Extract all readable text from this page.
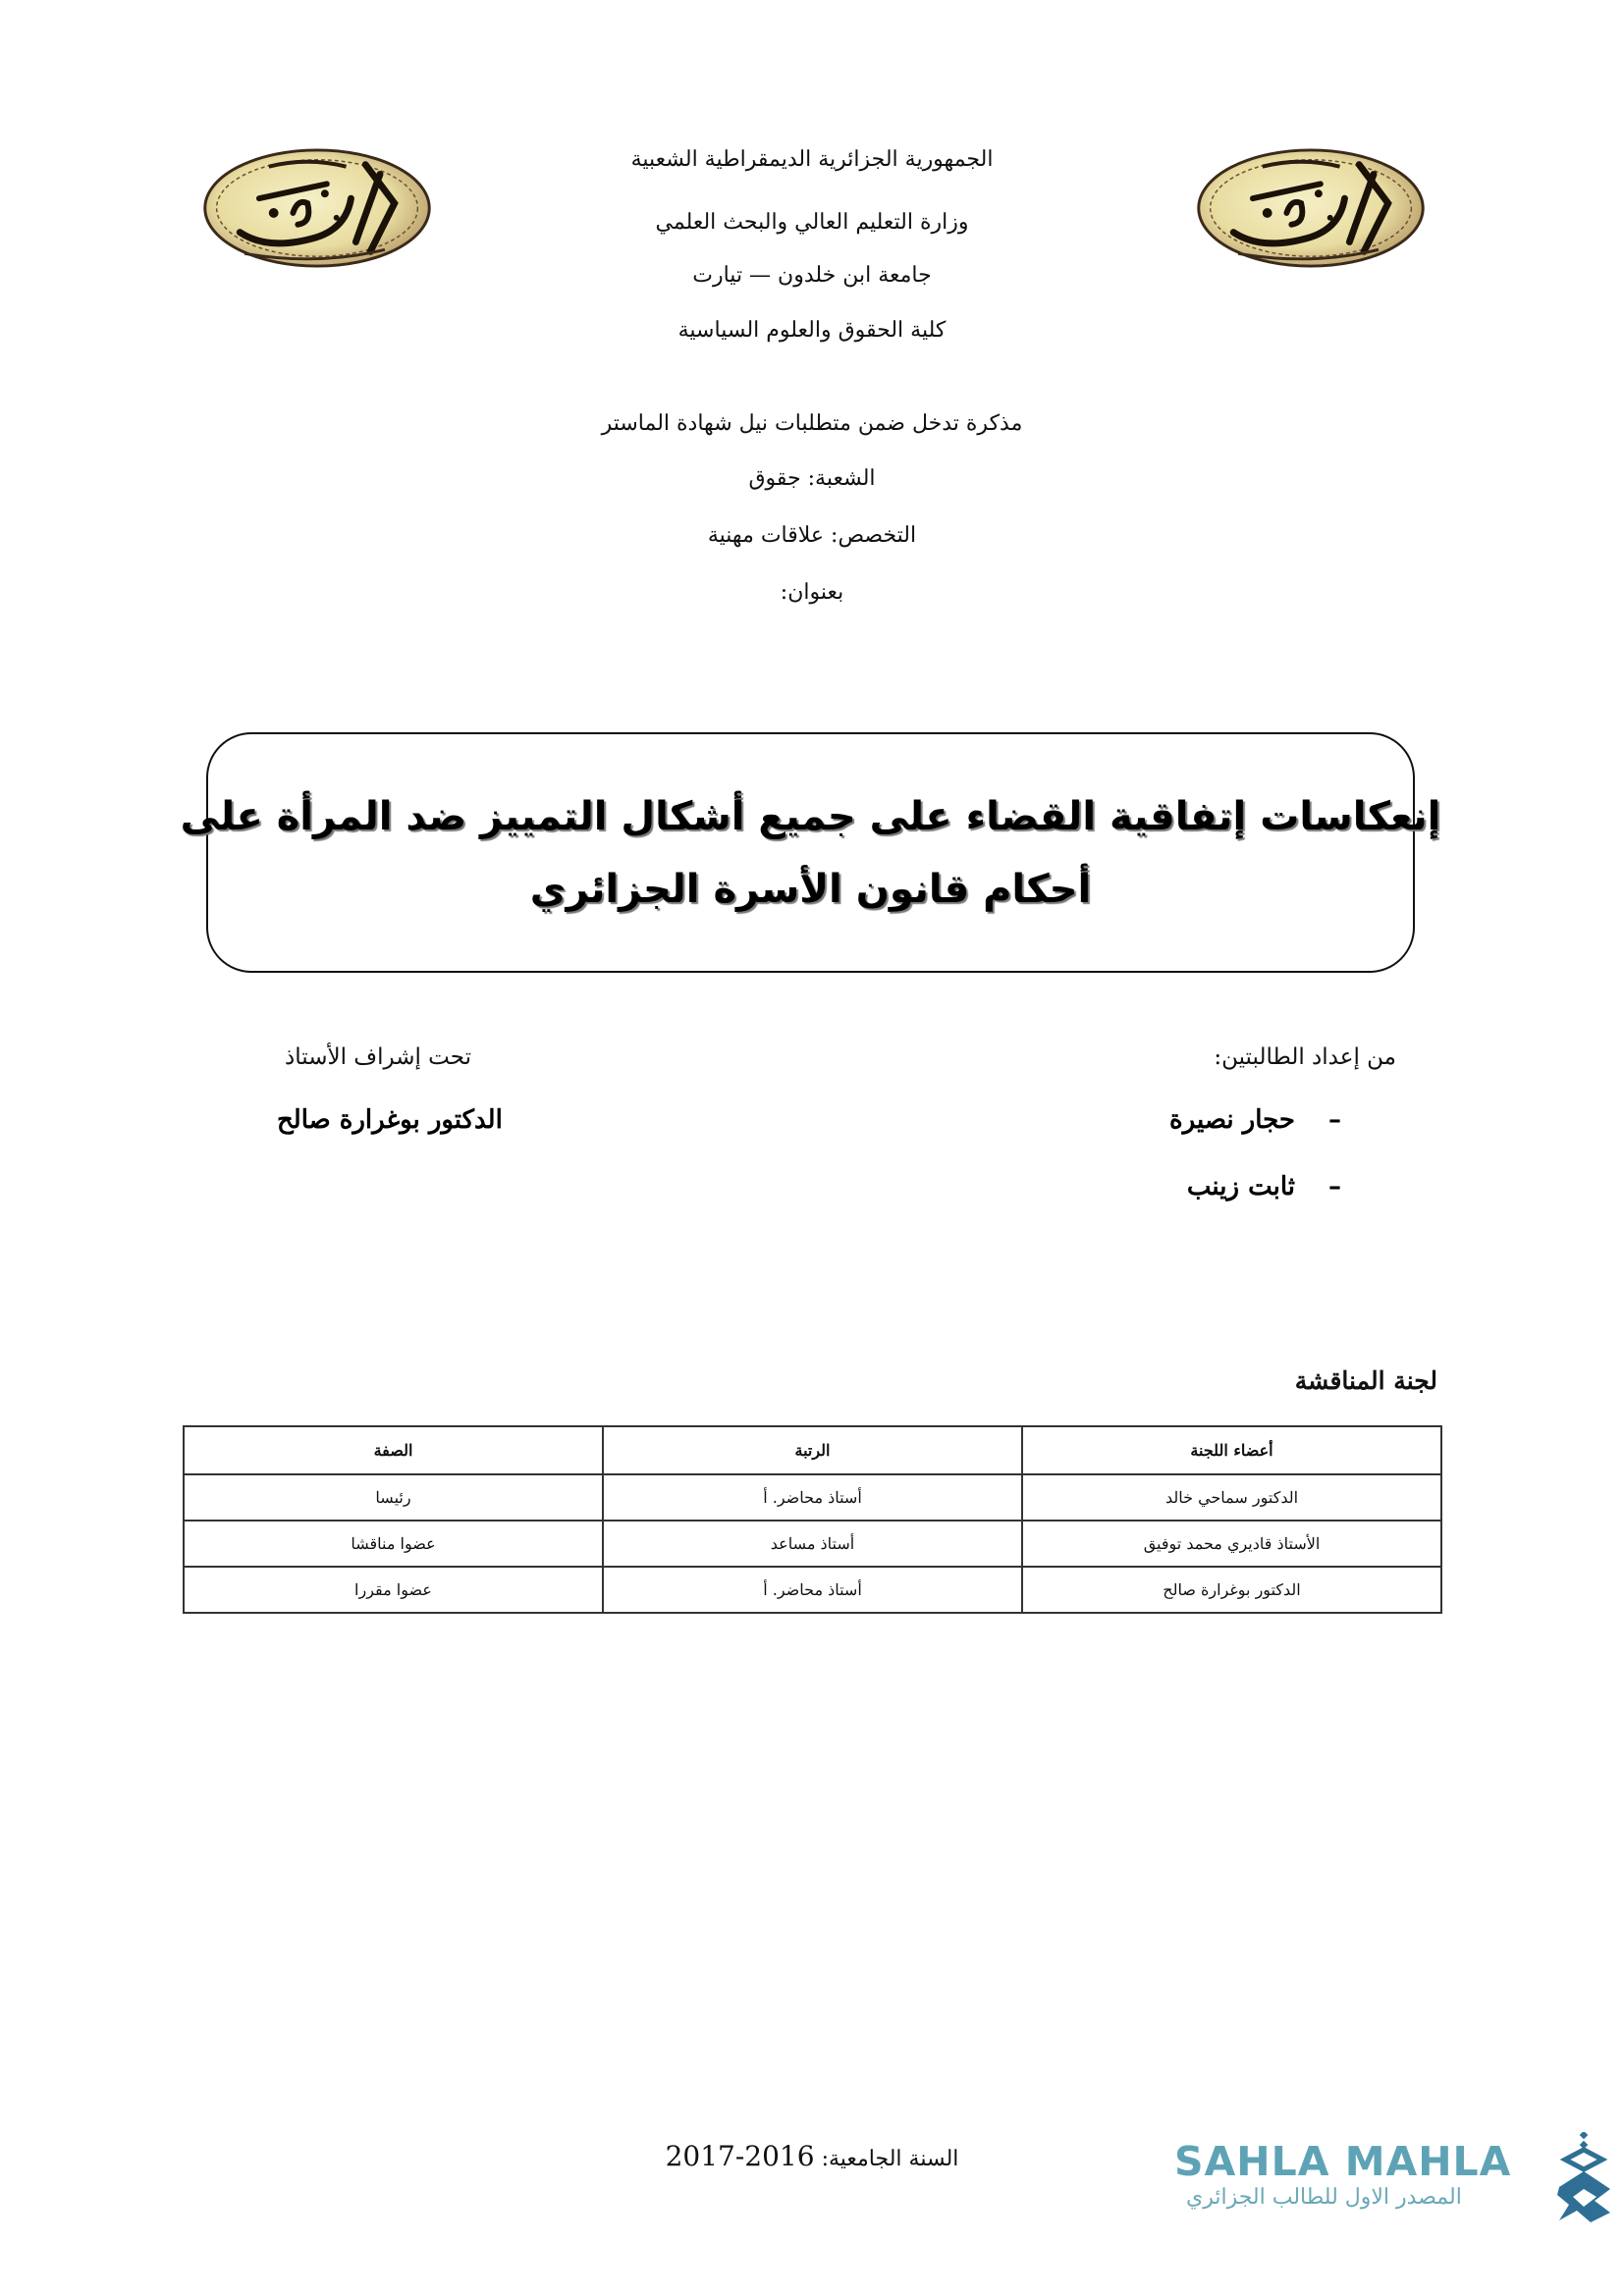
الجمهورية الجزائرية الديمقراطية الشعبية
وزارة التعليم العالي والبحث العلمي
جامعة ابن خلدون — تيارت
كلية الحقوق والعلوم السياسية
مذكرة تدخل ضمن متطلبات نيل شهادة الماستر
الشعبة: جقوق
التخصص: علاقات مهنية
بعنوان:
إنعكاسات إتفاقية القضاء على جميع أشكال التمييز ضد المرأة على
أحكام قانون الأسرة الجزائري
من إعداد الطالبتين:
–حجار نصيرة
–ثابت زينب
تحت إشراف الأستاذ
الدكتور بوغرارة صالح
لجنة المناقشة
أعضاء اللجنة	الرتبة	الصفة
الدكتور سماحي خالد	أستاذ محاضر. أ	رئيسا
الأستاذ قاديري محمد توفيق	أستاذ مساعد	عضوا مناقشا
الدكتور بوغرارة صالح	أستاذ محاضر. أ	عضوا مقررا
السنة الجامعية: 2017-2016	SAHLA MAHLA
المصدر الاول للطالب الجزائري
